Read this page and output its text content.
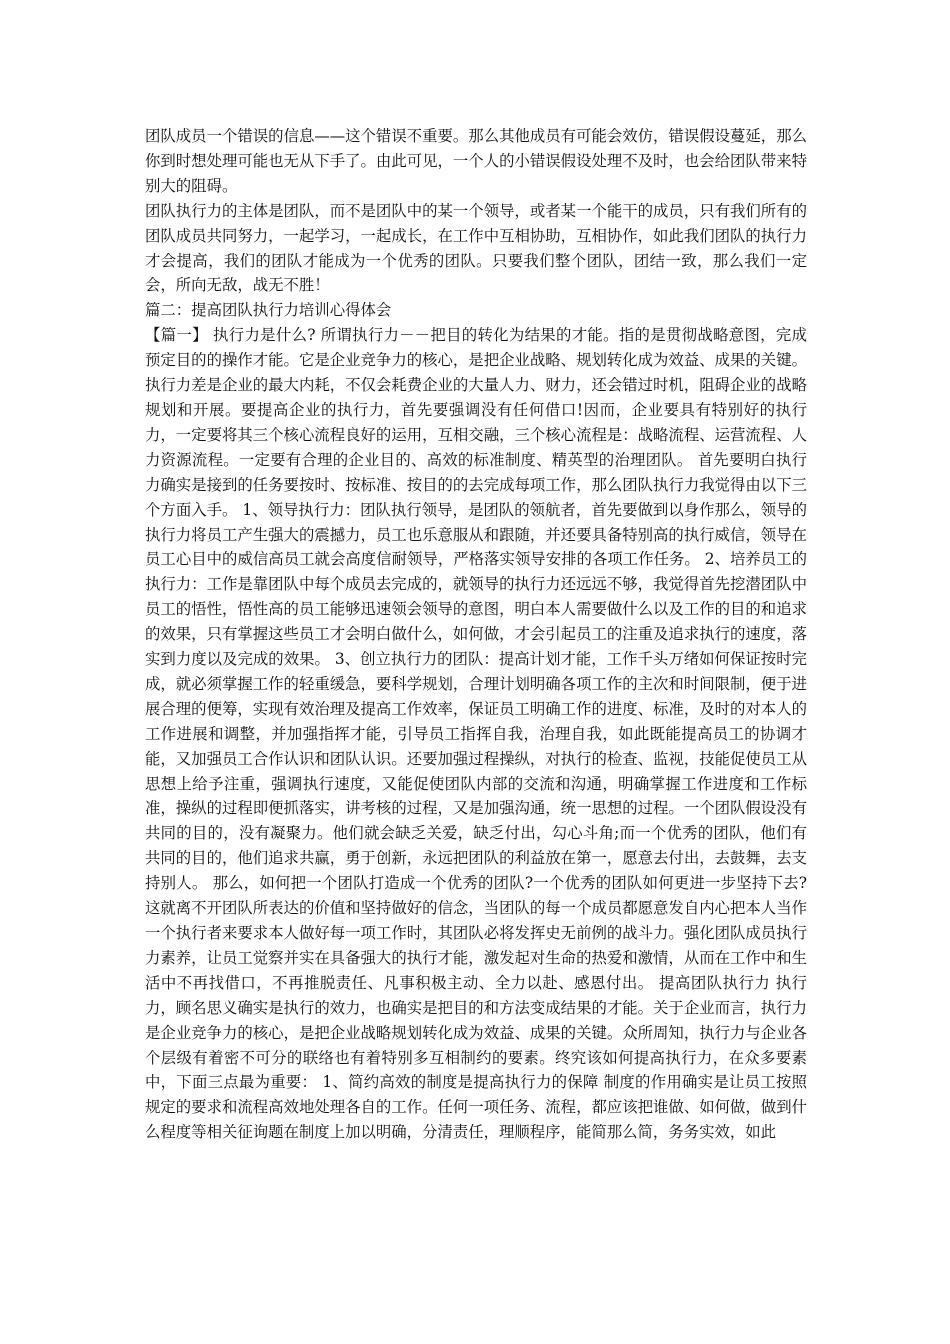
团队成员一个错误的信息——这个错误不重要。那么其他成员有可能会效仿，错误假设蔓延，那么你到时想处理可能也无从下手了。由此可见，一个人的小错误假设处理不及时，也会给团队带来特别大的阻碍。

团队执行力的主体是团队，而不是团队中的某一个领导，或者某一个能干的成员，只有我们所有的团队成员共同努力，一起学习，一起成长，在工作中互相协助，互相协作，如此我们团队的执行力才会提高，我们的团队才能成为一个优秀的团队。只要我们整个团队，团结一致，那么我们一定会，所向无敌，战无不胜！

篇二：提高团队执行力培训心得体会

【篇一】 执行力是什么? 所谓执行力－－把目的转化为结果的才能。指的是贯彻战略意图，完成预定目的的操作才能。它是企业竞争力的核心，是把企业战略、规划转化成为效益、成果的关键。执行力差是企业的最大内耗，不仅会耗费企业的大量人力、财力，还会错过时机，阻碍企业的战略规划和开展。要提高企业的执行力，首先要强调没有任何借口!因而，企业要具有特别好的执行力，一定要将其三个核心流程良好的运用，互相交融，三个核心流程是：战略流程、运营流程、人力资源流程。一定要有合理的企业目的、高效的标准制度、精英型的治理团队。 首先要明白执行力确实是接到的任务要按时、按标准、按目的的去完成每项工作，那么团队执行力我觉得由以下三个方面入手。 1、领导执行力：团队执行领导，是团队的领航者，首先要做到以身作那么，领导的执行力将员工产生强大的震撼力，员工也乐意服从和跟随，并还要具备特别高的执行威信，领导在员工心目中的威信高员工就会高度信耐领导，严格落实领导安排的各项工作任务。 2、培养员工的执行力：工作是靠团队中每个成员去完成的，就领导的执行力还远远不够，我觉得首先挖潜团队中员工的悟性，悟性高的员工能够迅速领会领导的意图，明白本人需要做什么以及工作的目的和追求的效果，只有掌握这些员工才会明白做什么，如何做，才会引起员工的注重及追求执行的速度，落实到力度以及完成的效果。 3、创立执行力的团队：提高计划才能，工作千头万绪如何保证按时完成，就必须掌握工作的轻重缓急，要科学规划，合理计划明确各项工作的主次和时间限制，便于进展合理的便筹，实现有效治理及提高工作效率，保证员工明确工作的进度、标准，及时的对本人的工作进展和调整，并加强指挥才能，引导员工指挥自我，治理自我，如此既能提高员工的协调才能，又加强员工合作认识和团队认识。还要加强过程操纵，对执行的检查、监视，技能促使员工从思想上给予注重，强调执行速度，又能促使团队内部的交流和沟通，明确掌握工作进度和工作标准，操纵的过程即便抓落实，讲考核的过程，又是加强沟通，统一思想的过程。一个团队假设没有共同的目的，没有凝聚力。他们就会缺乏关爱，缺乏付出，勾心斗角;而一个优秀的团队，他们有共同的目的，他们追求共赢，勇于创新，永远把团队的利益放在第一，愿意去付出，去鼓舞，去支持别人。 那么，如何把一个团队打造成一个优秀的团队?一个优秀的团队如何更进一步坚持下去?这就离不开团队所表达的价值和坚持做好的信念，当团队的每一个成员都愿意发自内心把本人当作一个执行者来要求本人做好每一项工作时，其团队必将发挥史无前例的战斗力。强化团队成员执行力素养，让员工觉察并实在具备强大的执行才能，激发起对生命的热爱和激情，从而在工作中和生活中不再找借口，不再推脱责任、凡事积极主动、全力以赴、感恩付出。 提高团队执行力 执行力，顾名思义确实是执行的效力，也确实是把目的和方法变成结果的才能。关于企业而言，执行力是企业竞争力的核心，是把企业战略规划转化成为效益、成果的关键。众所周知，执行力与企业各个层级有着密不可分的联络也有着特别多互相制约的要素。终究该如何提高执行力，在众多要素中，下面三点最为重要： 1、简约高效的制度是提高执行力的保障 制度的作用确实是让员工按照规定的要求和流程高效地处理各自的工作。任何一项任务、流程，都应该把谁做、如何做，做到什么程度等相关征询题在制度上加以明确，分清责任，理顺程序，能简那么简，务务实效，如此
